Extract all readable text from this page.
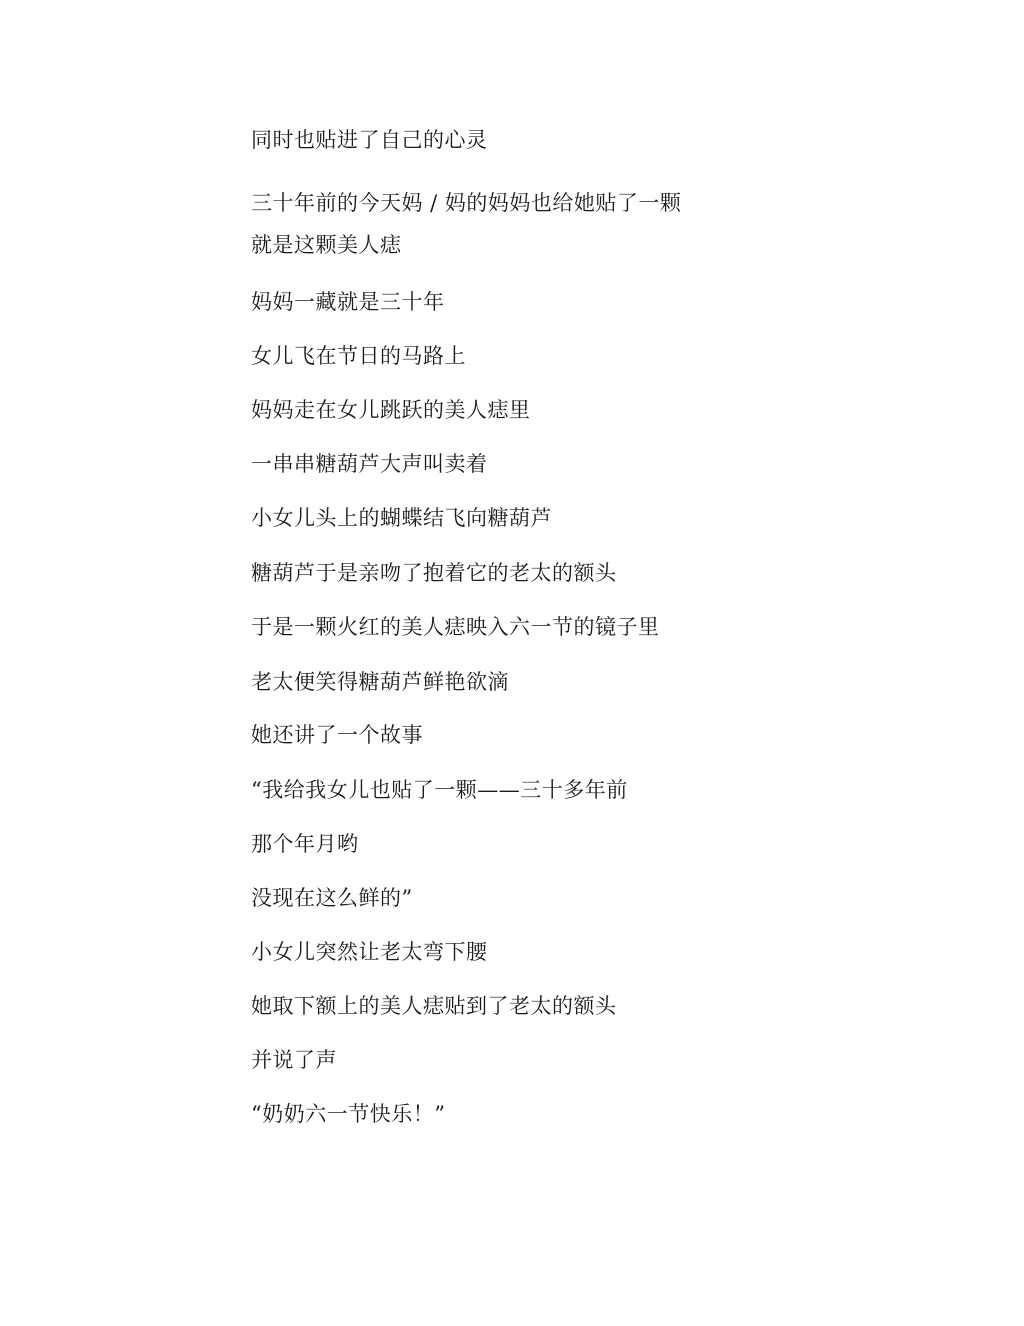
同时也贴进了自己的心灵
三十年前的今天妈 / 妈的妈妈也给她贴了一颗
就是这颗美人痣
妈妈一藏就是三十年
女儿飞在节日的马路上
妈妈走在女儿跳跃的美人痣里
一串串糖葫芦大声叫卖着
小女儿头上的蝴蝶结飞向糖葫芦
糖葫芦于是亲吻了抱着它的老太的额头
于是一颗火红的美人痣映入六一节的镜子里
老太便笑得糖葫芦鲜艳欲滴
她还讲了一个故事
“我给我女儿也贴了一颗——三十多年前
那个年月哟
没现在这么鲜的”
小女儿突然让老太弯下腰
她取下额上的美人痣贴到了老太的额头
并说了声
“奶奶六一节快乐！”
